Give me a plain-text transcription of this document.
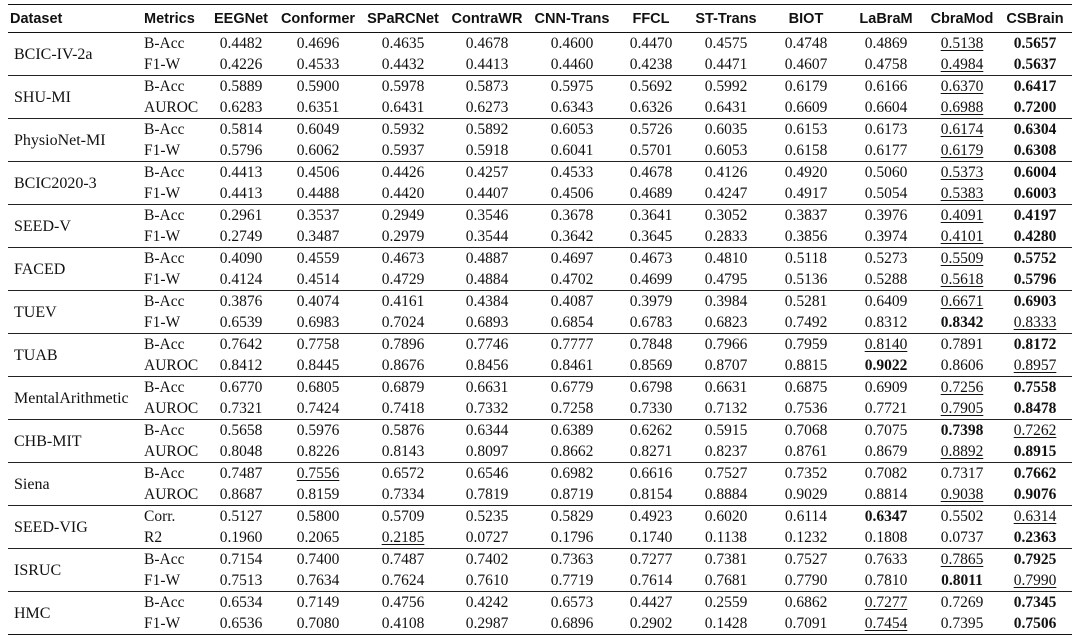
Dataset	Metrics	EEGNet	Conformer	SPaRCNet	ContraWR	CNN-Trans	FFCL	ST-Trans	BIOT	LaBraM	CbraMod	CSBrain
BCIC-IV-2a	B-Acc	0.4482	0.4696	0.4635	0.4678	0.4600	0.4470	0.4575	0.4748	0.4869	0.5138	0.5657
	F1-W	0.4226	0.4533	0.4432	0.4413	0.4460	0.4238	0.4471	0.4607	0.4758	0.4984	0.5637
SHU-MI	B-Acc	0.5889	0.5900	0.5978	0.5873	0.5975	0.5692	0.5992	0.6179	0.6166	0.6370	0.6417
	AUROC	0.6283	0.6351	0.6431	0.6273	0.6343	0.6326	0.6431	0.6609	0.6604	0.6988	0.7200
PhysioNet-MI	B-Acc	0.5814	0.6049	0.5932	0.5892	0.6053	0.5726	0.6035	0.6153	0.6173	0.6174	0.6304
	F1-W	0.5796	0.6062	0.5937	0.5918	0.6041	0.5701	0.6053	0.6158	0.6177	0.6179	0.6308
BCIC2020-3	B-Acc	0.4413	0.4506	0.4426	0.4257	0.4533	0.4678	0.4126	0.4920	0.5060	0.5373	0.6004
	F1-W	0.4413	0.4488	0.4420	0.4407	0.4506	0.4689	0.4247	0.4917	0.5054	0.5383	0.6003
SEED-V	B-Acc	0.2961	0.3537	0.2949	0.3546	0.3678	0.3641	0.3052	0.3837	0.3976	0.4091	0.4197
	F1-W	0.2749	0.3487	0.2979	0.3544	0.3642	0.3645	0.2833	0.3856	0.3974	0.4101	0.4280
FACED	B-Acc	0.4090	0.4559	0.4673	0.4887	0.4697	0.4673	0.4810	0.5118	0.5273	0.5509	0.5752
	F1-W	0.4124	0.4514	0.4729	0.4884	0.4702	0.4699	0.4795	0.5136	0.5288	0.5618	0.5796
TUEV	B-Acc	0.3876	0.4074	0.4161	0.4384	0.4087	0.3979	0.3984	0.5281	0.6409	0.6671	0.6903
	F1-W	0.6539	0.6983	0.7024	0.6893	0.6854	0.6783	0.6823	0.7492	0.8312	0.8342	0.8333
TUAB	B-Acc	0.7642	0.7758	0.7896	0.7746	0.7777	0.7848	0.7966	0.7959	0.8140	0.7891	0.8172
	AUROC	0.8412	0.8445	0.8676	0.8456	0.8461	0.8569	0.8707	0.8815	0.9022	0.8606	0.8957
MentalArithmetic	B-Acc	0.6770	0.6805	0.6879	0.6631	0.6779	0.6798	0.6631	0.6875	0.6909	0.7256	0.7558
	AUROC	0.7321	0.7424	0.7418	0.7332	0.7258	0.7330	0.7132	0.7536	0.7721	0.7905	0.8478
CHB-MIT	B-Acc	0.5658	0.5976	0.5876	0.6344	0.6389	0.6262	0.5915	0.7068	0.7075	0.7398	0.7262
	AUROC	0.8048	0.8226	0.8143	0.8097	0.8662	0.8271	0.8237	0.8761	0.8679	0.8892	0.8915
Siena	B-Acc	0.7487	0.7556	0.6572	0.6546	0.6982	0.6616	0.7527	0.7352	0.7082	0.7317	0.7662
	AUROC	0.8687	0.8159	0.7334	0.7819	0.8719	0.8154	0.8884	0.9029	0.8814	0.9038	0.9076
SEED-VIG	Corr.	0.5127	0.5800	0.5709	0.5235	0.5829	0.4923	0.6020	0.6114	0.6347	0.5502	0.6314
	R2	0.1960	0.2065	0.2185	0.0727	0.1796	0.1740	0.1138	0.1232	0.1808	0.0737	0.2363
ISRUC	B-Acc	0.7154	0.7400	0.7487	0.7402	0.7363	0.7277	0.7381	0.7527	0.7633	0.7865	0.7925
	F1-W	0.7513	0.7634	0.7624	0.7610	0.7719	0.7614	0.7681	0.7790	0.7810	0.8011	0.7990
HMC	B-Acc	0.6534	0.7149	0.4756	0.4242	0.6573	0.4427	0.2559	0.6862	0.7277	0.7269	0.7345
	F1-W	0.6536	0.7080	0.4108	0.2987	0.6896	0.2902	0.1428	0.7091	0.7454	0.7395	0.7506
